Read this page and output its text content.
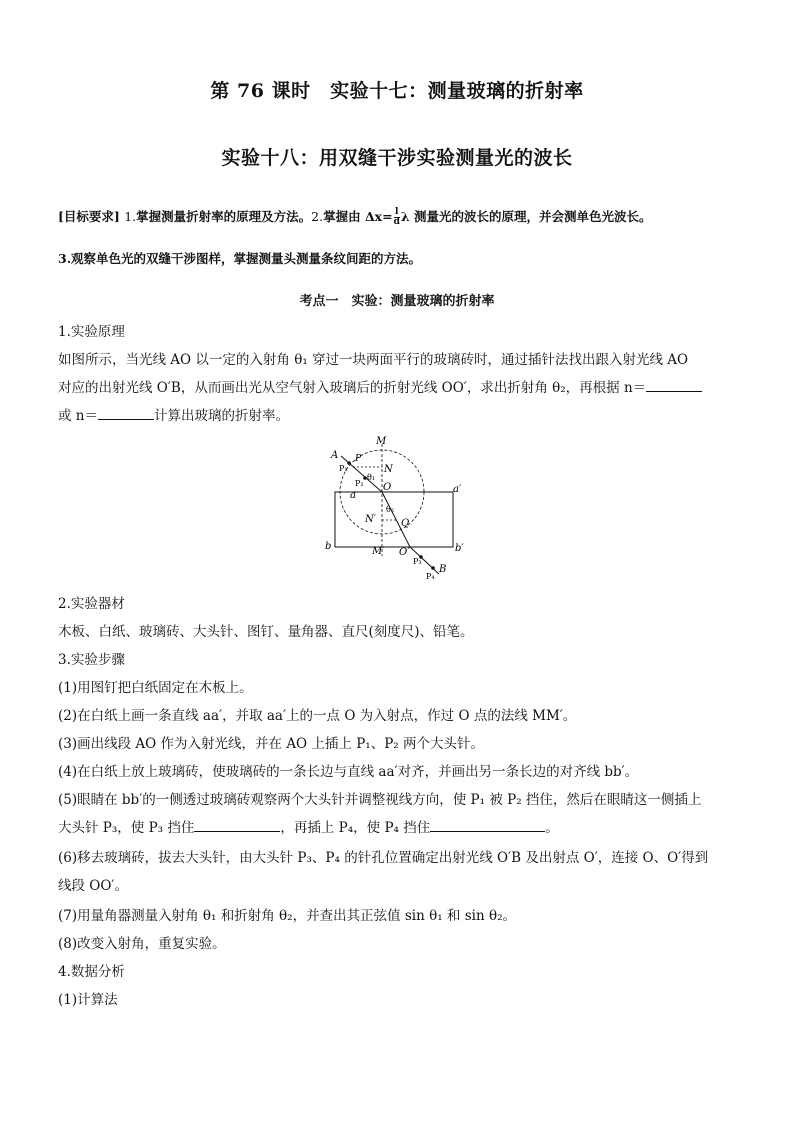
第 76 课时　实验十七：测量玻璃的折射率
实验十八：用双缝干涉实验测量光的波长
[目标要求] 1.掌握测量折射率的原理及方法。2.掌握由 $\Delta x= \frac{l}{d}$ λ 测量光的波长的原理，并会测单色光波长。
3.观察单色光的双缝干涉图样，掌握测量头测量条纹间距的方法。
考点一　实验：测量玻璃的折射率
1.实验原理
如图所示，当光线 AO 以一定的入射角 θ₁ 穿过一块两面平行的玻璃砖时，通过插针法找出跟入射光线 AO
对应的出射光线 O′B，从而画出光从空气射入玻璃后的折射光线 OO′，求出折射角 θ₂，再根据 n＝
或 n＝	计算出玻璃的折射率。
A
M
P
P₁	N
θ₁
P₂ O
a
a′
θ₂
N′ Q
b	b′
M′ O′
P₃
B
P₄
2.实验器材
木板、白纸、玻璃砖、大头针、图钉、量角器、直尺(刻度尺)、铅笔。
3.实验步骤
(1)用图钉把白纸固定在木板上。
(2)在白纸上画一条直线 aa′，并取 aa′上的一点 O 为入射点，作过 O 点的法线 MM′。
(3)画出线段 AO 作为入射光线，并在 AO 上插上 P₁、P₂ 两个大头针。
(4)在白纸上放上玻璃砖，使玻璃砖的一条长边与直线 aa′对齐，并画出另一条长边的对齐线 bb′。
(5)眼睛在 bb′的一侧透过玻璃砖观察两个大头针并调整视线方向，使 P₁ 被 P₂ 挡住，然后在眼睛这一侧插上
大头针 P₃，使 P₃ 挡住	，再插上 P₄，使 P₄ 挡住	。
(6)移去玻璃砖，拔去大头针，由大头针 P₃、P₄ 的针孔位置确定出射光线 O′B 及出射点 O′，连接 O、O′得到
线段 OO′。
(7)用量角器测量入射角 θ₁ 和折射角 θ₂，并查出其正弦值 sin θ₁ 和 sin θ₂。
(8)改变入射角，重复实验。
4.数据分析
(1)计算法
